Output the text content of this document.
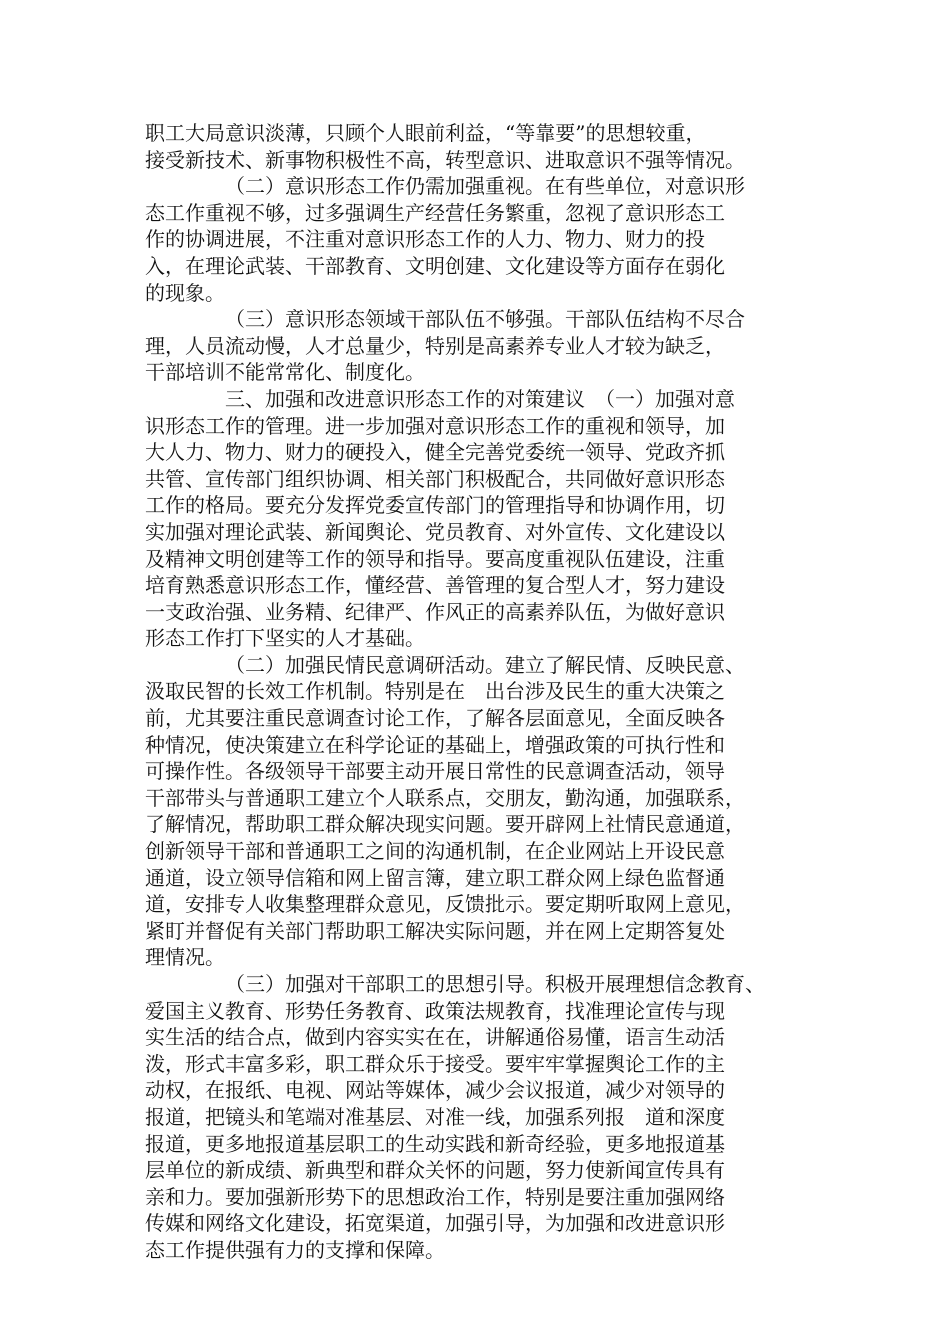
职工大局意识淡薄，只顾个人眼前利益，“等靠要”的思想较重，
接受新技术、新事物积极性不高，转型意识、进取意识不强等情况。
（二）意识形态工作仍需加强重视。在有些单位，对意识形
态工作重视不够，过多强调生产经营任务繁重，忽视了意识形态工
作的协调进展，不注重对意识形态工作的人力、物力、财力的投
入，在理论武装、干部教育、文明创建、文化建设等方面存在弱化
的现象。
（三）意识形态领域干部队伍不够强。干部队伍结构不尽合
理，人员流动慢，人才总量少，特别是高素养专业人才较为缺乏，
干部培训不能常常化、制度化。
三、加强和改进意识形态工作的对策建议　（一）加强对意
识形态工作的管理。进一步加强对意识形态工作的重视和领导，加
大人力、物力、财力的硬投入，健全完善党委统一领导、党政齐抓
共管、宣传部门组织协调、相关部门积极配合，共同做好意识形态
工作的格局。要充分发挥党委宣传部门的管理指导和协调作用，切
实加强对理论武装、新闻舆论、党员教育、对外宣传、文化建设以
及精神文明创建等工作的领导和指导。要高度重视队伍建设，注重
培育熟悉意识形态工作，懂经营、善管理的复合型人才，努力建设
一支政治强、业务精、纪律严、作风正的高素养队伍，为做好意识
形态工作打下坚实的人才基础。
（二）加强民情民意调研活动。建立了解民情、反映民意、
汲取民智的长效工作机制。特别是在　出台涉及民生的重大决策之
前，尤其要注重民意调查讨论工作，了解各层面意见，全面反映各
种情况，使决策建立在科学论证的基础上，增强政策的可执行性和
可操作性。各级领导干部要主动开展日常性的民意调查活动，领导
干部带头与普通职工建立个人联系点，交朋友，勤沟通，加强联系，
了解情况，帮助职工群众解决现实问题。要开辟网上社情民意通道，
创新领导干部和普通职工之间的沟通机制，在企业网站上开设民意
通道，设立领导信箱和网上留言簿，建立职工群众网上绿色监督通
道，安排专人收集整理群众意见，反馈批示。要定期听取网上意见，
紧盯并督促有关部门帮助职工解决实际问题，并在网上定期答复处
理情况。
（三）加强对干部职工的思想引导。积极开展理想信念教育、
爱国主义教育、形势任务教育、政策法规教育，找准理论宣传与现
实生活的结合点，做到内容实实在在，讲解通俗易懂，语言生动活
泼，形式丰富多彩，职工群众乐于接受。要牢牢掌握舆论工作的主
动权，在报纸、电视、网站等媒体，减少会议报道，减少对领导的
报道，把镜头和笔端对准基层、对准一线，加强系列报　道和深度
报道，更多地报道基层职工的生动实践和新奇经验，更多地报道基
层单位的新成绩、新典型和群众关怀的问题，努力使新闻宣传具有
亲和力。要加强新形势下的思想政治工作，特别是要注重加强网络
传媒和网络文化建设，拓宽渠道，加强引导，为加强和改进意识形
态工作提供强有力的支撑和保障。
